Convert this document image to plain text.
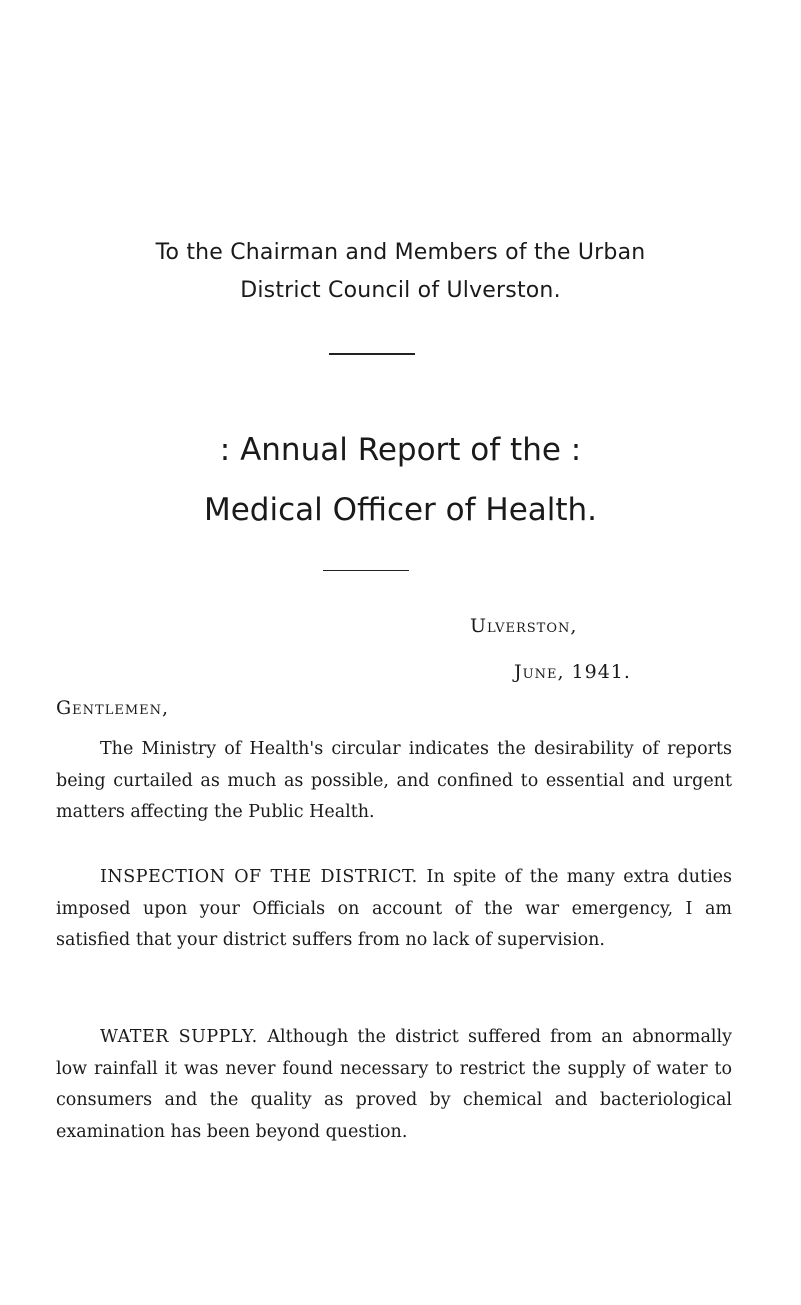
To the Chairman and Members of the Urban
District Council of Ulverston.
: Annual Report of the :
Medical Officer of Health.
Ulverston,
June, 1941.
Gentlemen,

The Ministry of Health's circular indicates the desirability of reports being curtailed as much as possible, and confined to essential and urgent matters affecting the Public Health.

INSPECTION OF THE DISTRICT. In spite of the many extra duties imposed upon your Officials on account of the war emergency, I am satisfied that your district suffers from no lack of supervision.

WATER SUPPLY. Although the district suffered from an abnormally low rainfall it was never found necessary to restrict the supply of water to consumers and the quality as proved by chemical and bacteriological examination has been beyond question.
